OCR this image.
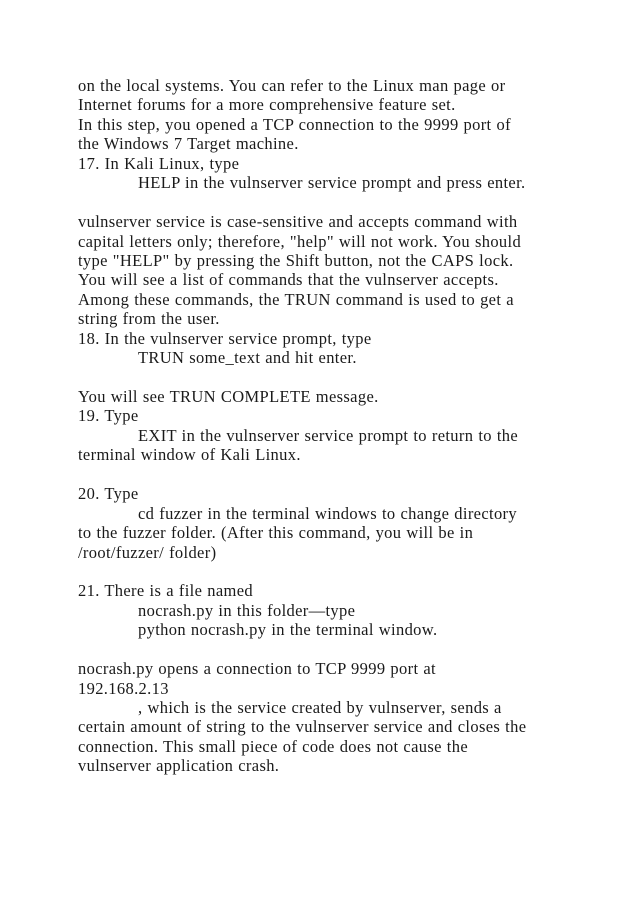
on the local systems. You can refer to the Linux man page or
Internet forums for a more comprehensive feature set.
In this step, you opened a TCP connection to the 9999 port of
the Windows 7 Target machine.
17. In Kali Linux, type
HELP in the vulnserver service prompt and press enter.
vulnserver service is case-sensitive and accepts command with
capital letters only; therefore, "help" will not work. You should
type "HELP" by pressing the Shift button, not the CAPS lock.
You will see a list of commands that the vulnserver accepts.
Among these commands, the TRUN command is used to get a
string from the user.
18. In the vulnserver service prompt, type
TRUN some_text and hit enter.
You will see TRUN COMPLETE message.
19. Type
EXIT in the vulnserver service prompt to return to the
terminal window of Kali Linux.
20. Type
cd fuzzer in the terminal windows to change directory
to the fuzzer folder. (After this command, you will be in
/root/fuzzer/ folder)
21. There is a file named
nocrash.py in this folder—type
python nocrash.py in the terminal window.
nocrash.py opens a connection to TCP 9999 port at
192.168.2.13
, which is the service created by vulnserver, sends a
certain amount of string to the vulnserver service and closes the
connection. This small piece of code does not cause the
vulnserver application crash.
